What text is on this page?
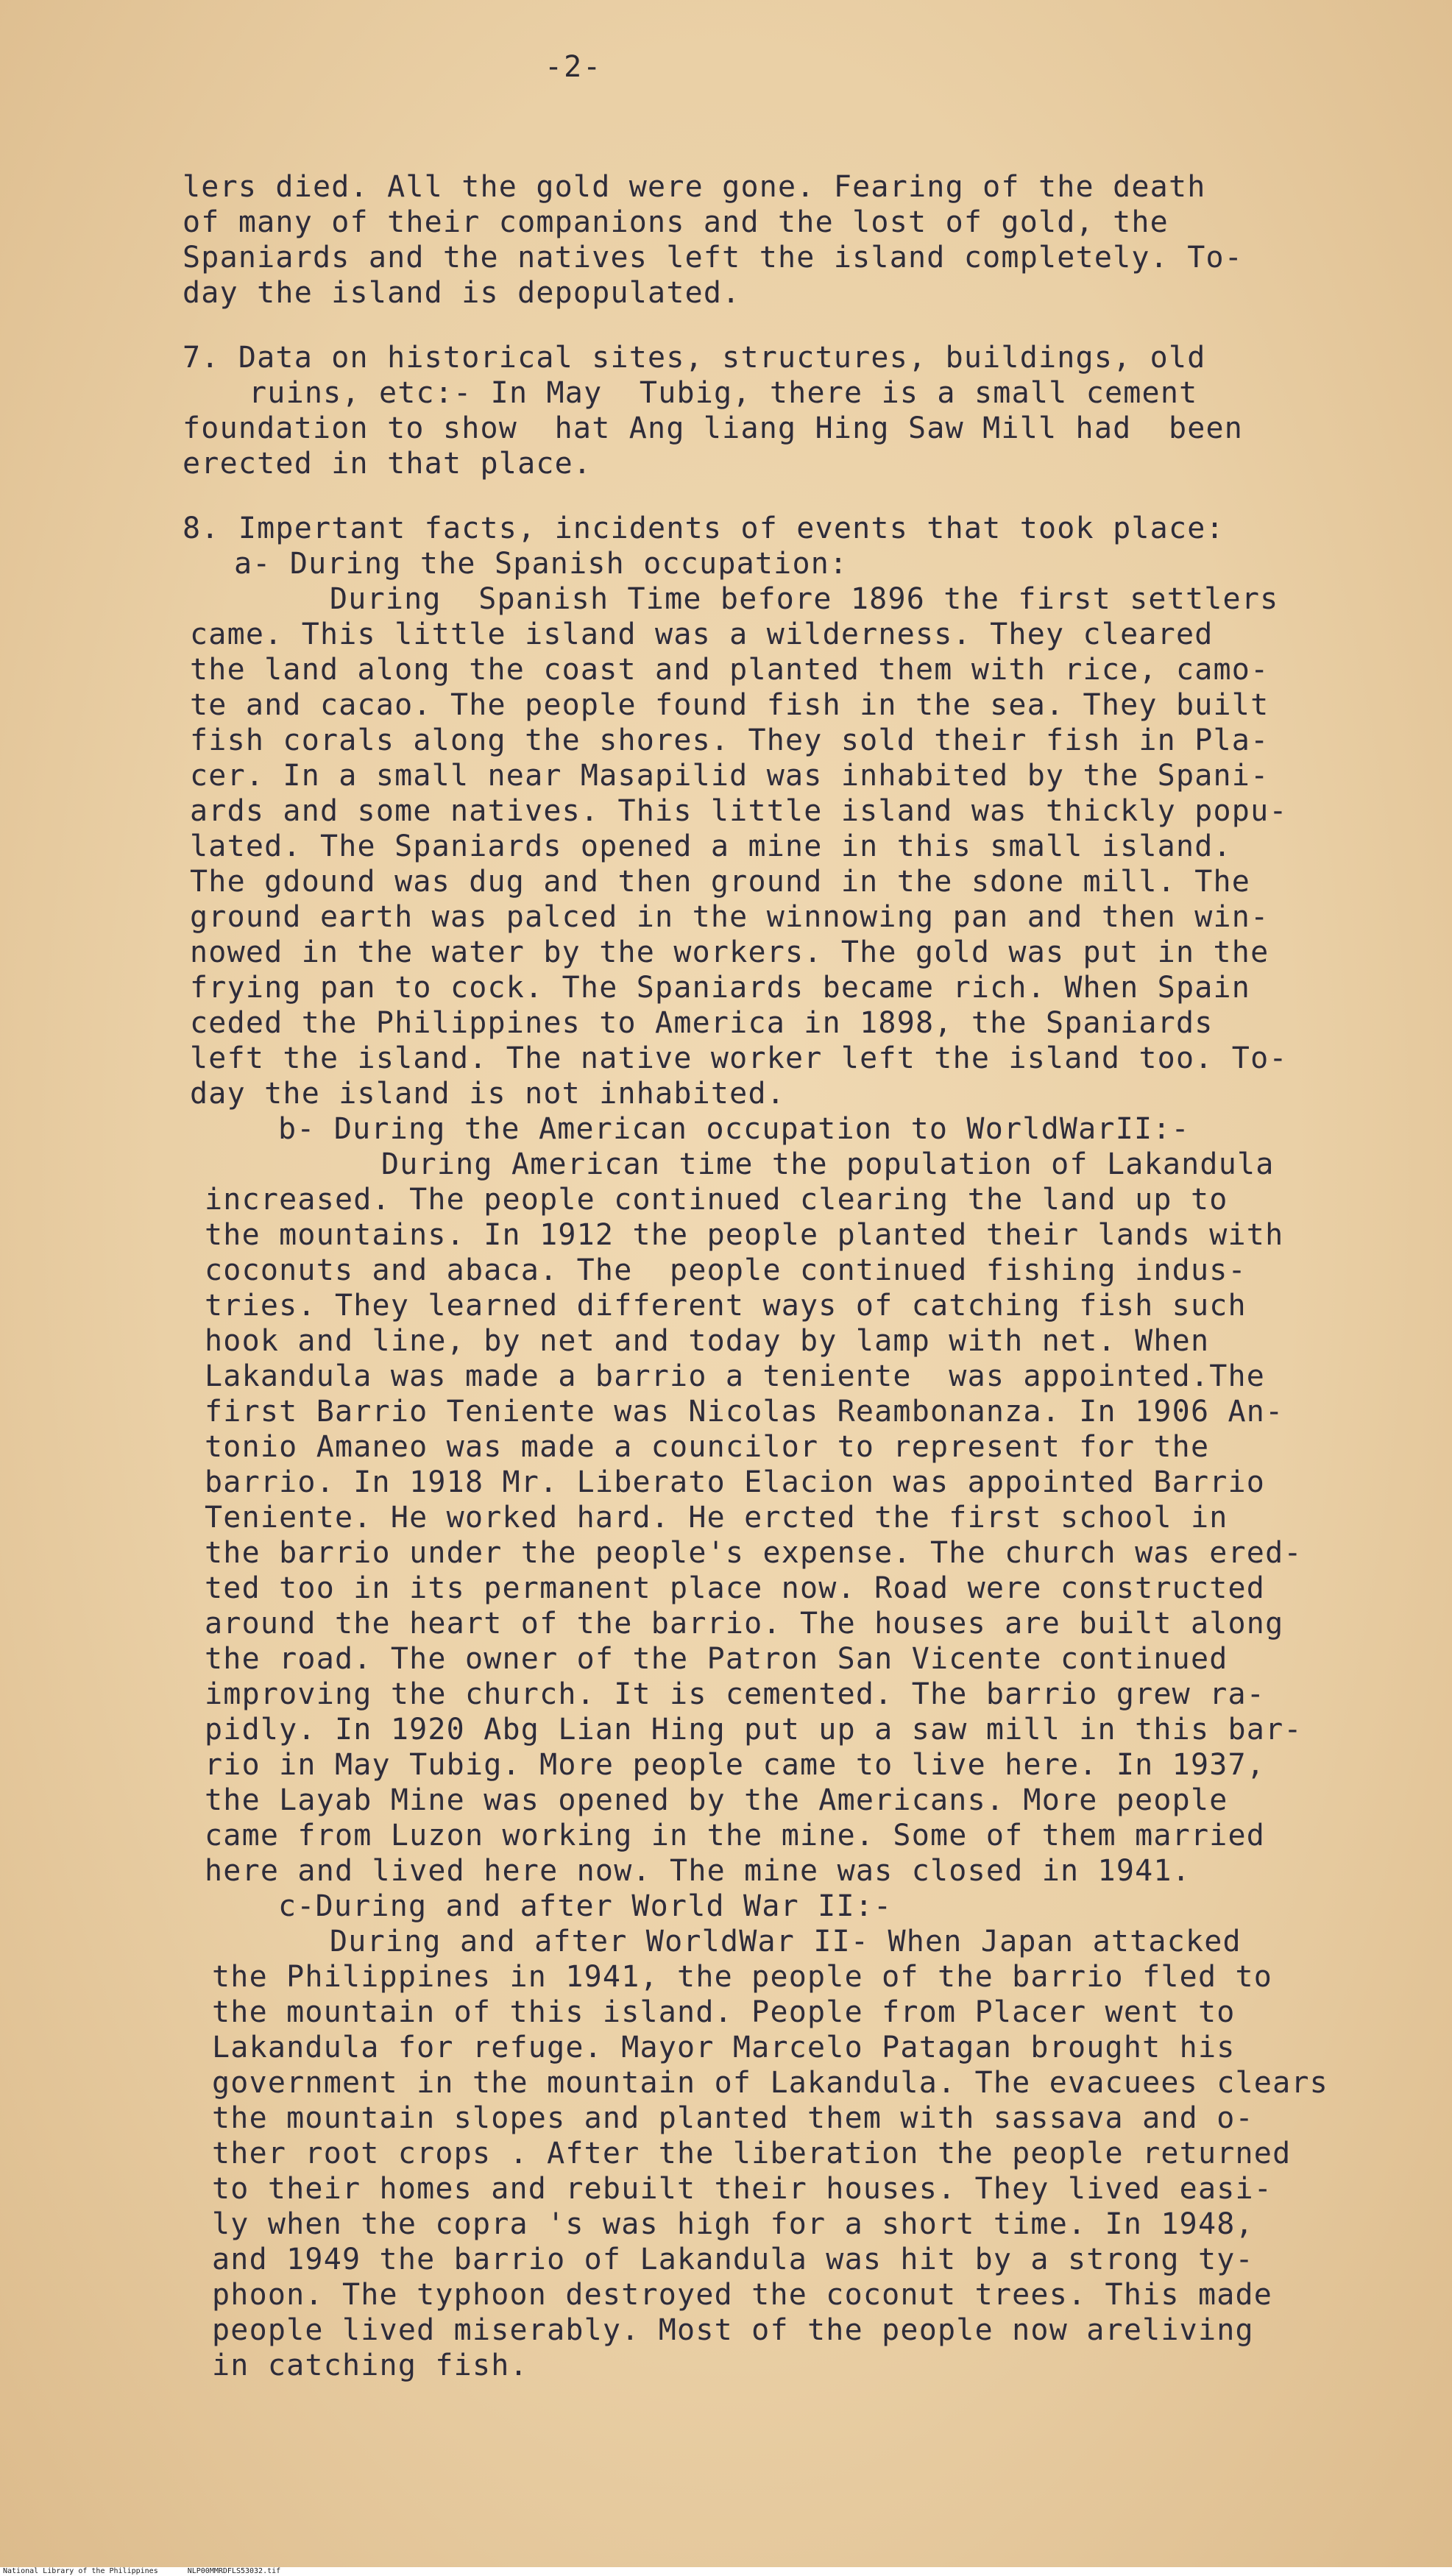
-2-
lers died. All the gold were gone. Fearing of the death
of many of their companions and the lost of gold, the
Spaniards and the natives left the island completely. To-
day the island is depopulated.
7. Data on historical sites, structures, buildings, old
ruins, etc:- In May  Tubig, there is a small cement
foundation to show  hat Ang liang Hing Saw Mill had  been
erected in that place.
8. Impertant facts, incidents of events that took place:
a- During the Spanish occupation:
During  Spanish Time before 1896 the first settlers
came. This little island was a wilderness. They cleared
the land along the coast and planted them with rice, camo-
te and cacao. The people found fish in the sea. They built
fish corals along the shores. They sold their fish in Pla-
cer. In a small near Masapilid was inhabited by the Spani-
ards and some natives. This little island was thickly popu-
lated. The Spaniards opened a mine in this small island.
The gdound was dug and then ground in the sdone mill. The
ground earth was palced in the winnowing pan and then win-
nowed in the water by the workers. The gold was put in the
frying pan to cock. The Spaniards became rich. When Spain
ceded the Philippines to America in 1898, the Spaniards
left the island. The native worker left the island too. To-
day the island is not inhabited.
b- During the American occupation to WorldWarII:-
During American time the population of Lakandula
increased. The people continued clearing the land up to
the mountains. In 1912 the people planted their lands with
coconuts and abaca. The  people continued fishing indus-
tries. They learned different ways of catching fish such
hook and line, by net and today by lamp with net. When
Lakandula was made a barrio a teniente  was appointed.The
first Barrio Teniente was Nicolas Reambonanza. In 1906 An-
tonio Amaneo was made a councilor to represent for the
barrio. In 1918 Mr. Liberato Elacion was appointed Barrio
Teniente. He worked hard. He ercted the first school in
the barrio under the people's expense. The church was ered-
ted too in its permanent place now. Road were constructed
around the heart of the barrio. The houses are built along
the road. The owner of the Patron San Vicente continued
improving the church. It is cemented. The barrio grew ra-
pidly. In 1920 Abg Lian Hing put up a saw mill in this bar-
rio in May Tubig. More people came to live here. In 1937,
the Layab Mine was opened by the Americans. More people
came from Luzon working in the mine. Some of them married
here and lived here now. The mine was closed in 1941.
c-During and after World War II:-
During and after WorldWar II- When Japan attacked
the Philippines in 1941, the people of the barrio fled to
the mountain of this island. People from Placer went to
Lakandula for refuge. Mayor Marcelo Patagan brought his
government in the mountain of Lakandula. The evacuees clears
the mountain slopes and planted them with sassava and o-
ther root crops . After the liberation the people returned
to their homes and rebuilt their houses. They lived easi-
ly when the copra 's was high for a short time. In 1948,
and 1949 the barrio of Lakandula was hit by a strong ty-
phoon. The typhoon destroyed the coconut trees. This made
people lived miserably. Most of the people now areliving
in catching fish.
National Library of the Philippines	NLP00MMRDFLS53032.tif
